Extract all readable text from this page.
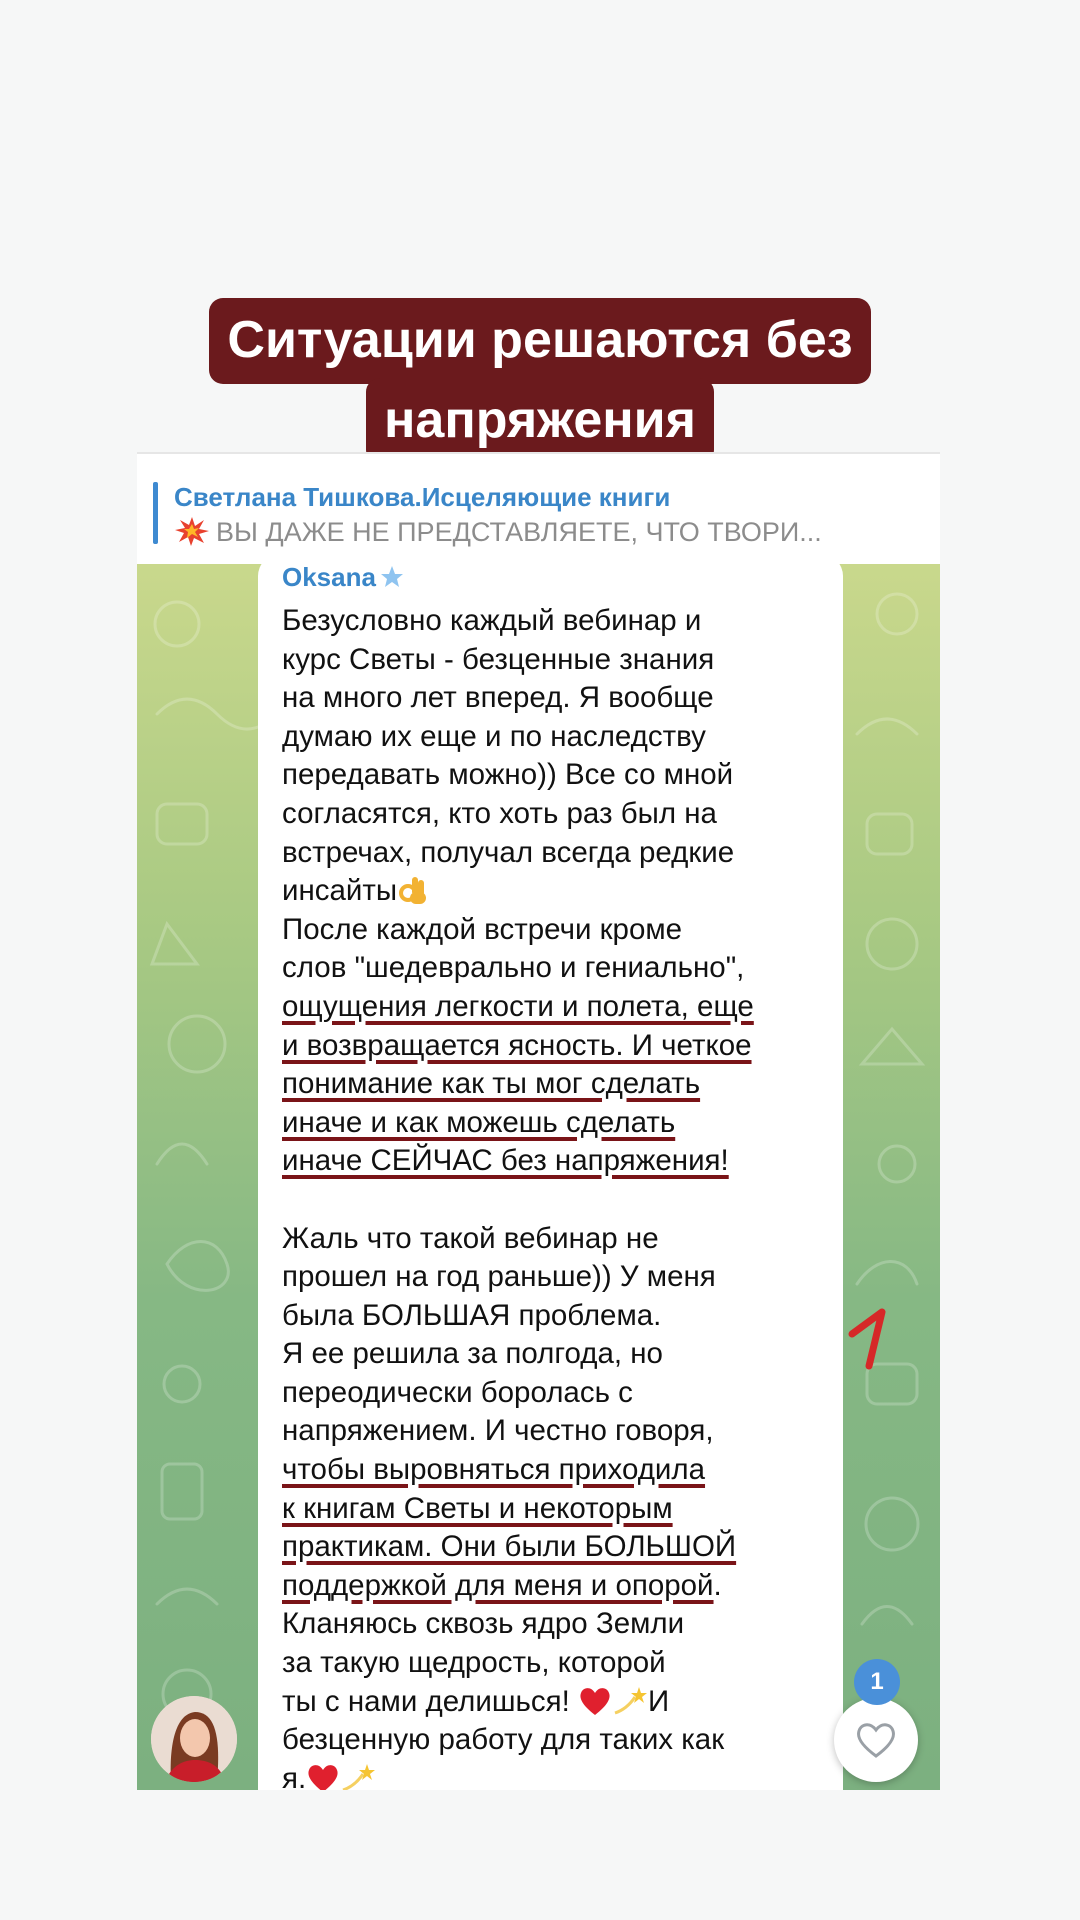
Ситуации решаются без
напряжения
Светлана Тишкова.Исцеляющие книги
ВЫ ДАЖЕ НЕ ПРЕДСТАВЛЯЕТЕ, ЧТО ТВОРИ...
Oksana
Безусловно каждый вебинар и
курс Светы - безценные знания
на много лет вперед. Я вообще
думаю их еще и по наследству
передавать можно)) Все со мной
согласятся, кто хоть раз был на
встречах, получал всегда редкие
инсайты
После каждой встречи кроме
слов "шедеврально и гениально",
ощущения легкости и полета, еще
и возвращается ясность. И четкое
понимание как ты мог сделать
иначе и как можешь сделать
иначе СЕЙЧАС без напряжения!
Жаль что такой вебинар не
прошел на год раньше)) У меня
была БОЛЬШАЯ проблема.
Я ее решила за полгода, но
переодически боролась с
напряжением. И честно говоря,
чтобы выровняться приходила
к книгам Светы и некоторым
практикам. Они были БОЛЬШОЙ
поддержкой для меня и опорой.
Кланяюсь сквозь ядро Земли
за такую щедрость, которой
ты с нами делишься!	И
безценную работу для таких как
я.
1
